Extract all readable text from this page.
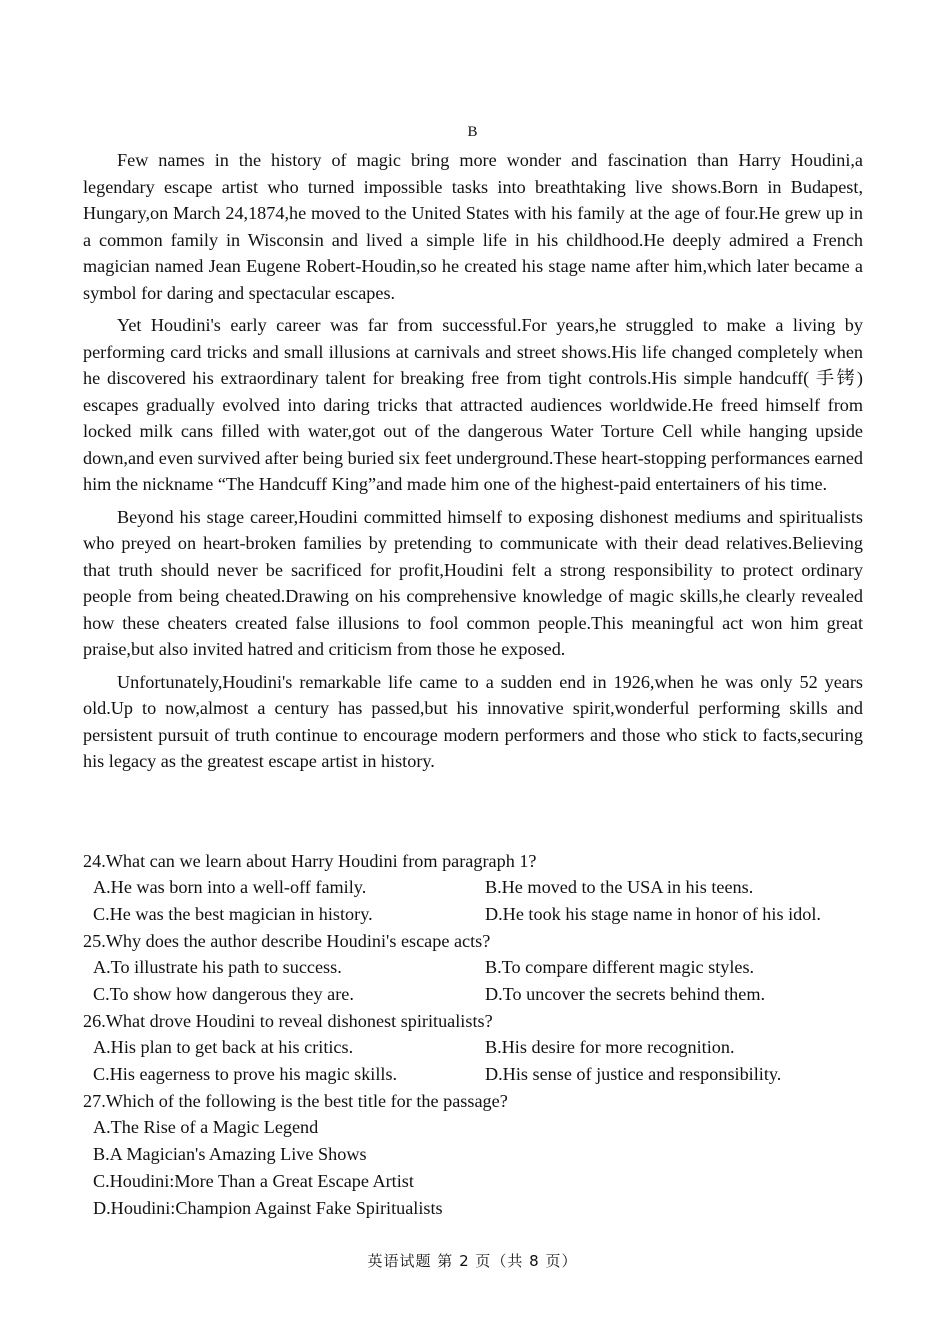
B

Few names in the history of magic bring more wonder and fascination than Harry Houdini,a legendary escape artist who turned impossible tasks into breathtaking live shows.Born in Budapest, Hungary,on March 24,1874,he moved to the United States with his family at the age of four.He grew up in a common family in Wisconsin and lived a simple life in his childhood.He deeply admired a French magician named Jean Eugene Robert-Houdin,so he created his stage name after him,which later became a symbol for daring and spectacular escapes.

Yet Houdini's early career was far from successful.For years,he struggled to make a living by performing card tricks and small illusions at carnivals and street shows.His life changed completely when he discovered his extraordinary talent for breaking free from tight controls.His simple handcuff( 手铐) escapes gradually evolved into daring tricks that attracted audiences worldwide.He freed himself from locked milk cans filled with water,got out of the dangerous Water Torture Cell while hanging upside down,and even survived after being buried six feet underground.These heart-stopping performances earned him the nickname “The Handcuff King”and made him one of the highest-paid entertainers of his time.

Beyond his stage career,Houdini committed himself to exposing dishonest mediums and spiritualists who preyed on heart-broken families by pretending to communicate with their dead relatives.Believing that truth should never be sacrificed for profit,Houdini felt a strong responsibility to protect ordinary people from being cheated.Drawing on his comprehensive knowledge of magic skills,he clearly revealed how these cheaters created false illusions to fool common people.This meaningful act won him great praise,but also invited hatred and criticism from those he exposed.

Unfortunately,Houdini's remarkable life came to a sudden end in 1926,when he was only 52 years old.Up to now,almost a century has passed,but his innovative spirit,wonderful performing skills and persistent pursuit of truth continue to encourage modern performers and those who stick to facts,securing his legacy as the greatest escape artist in history.

24.What can we learn about Harry Houdini from paragraph 1?
A.He was born into a well-off family.	B.He moved to the USA in his teens.
C.He was the best magician in history.	D.He took his stage name in honor of his idol.
25.Why does the author describe Houdini's escape acts?
A.To illustrate his path to success.	B.To compare different magic styles.
C.To show how dangerous they are.	D.To uncover the secrets behind them.
26.What drove Houdini to reveal dishonest spiritualists?
A.His plan to get back at his critics.	B.His desire for more recognition.
C.His eagerness to prove his magic skills.	D.His sense of justice and responsibility.
27.Which of the following is the best title for the passage?
A.The Rise of a Magic Legend
B.A Magician's Amazing Live Shows
C.Houdini:More Than a Great Escape Artist
D.Houdini:Champion Against Fake Spiritualists
英语试题 第 2 页（共 8 页）
